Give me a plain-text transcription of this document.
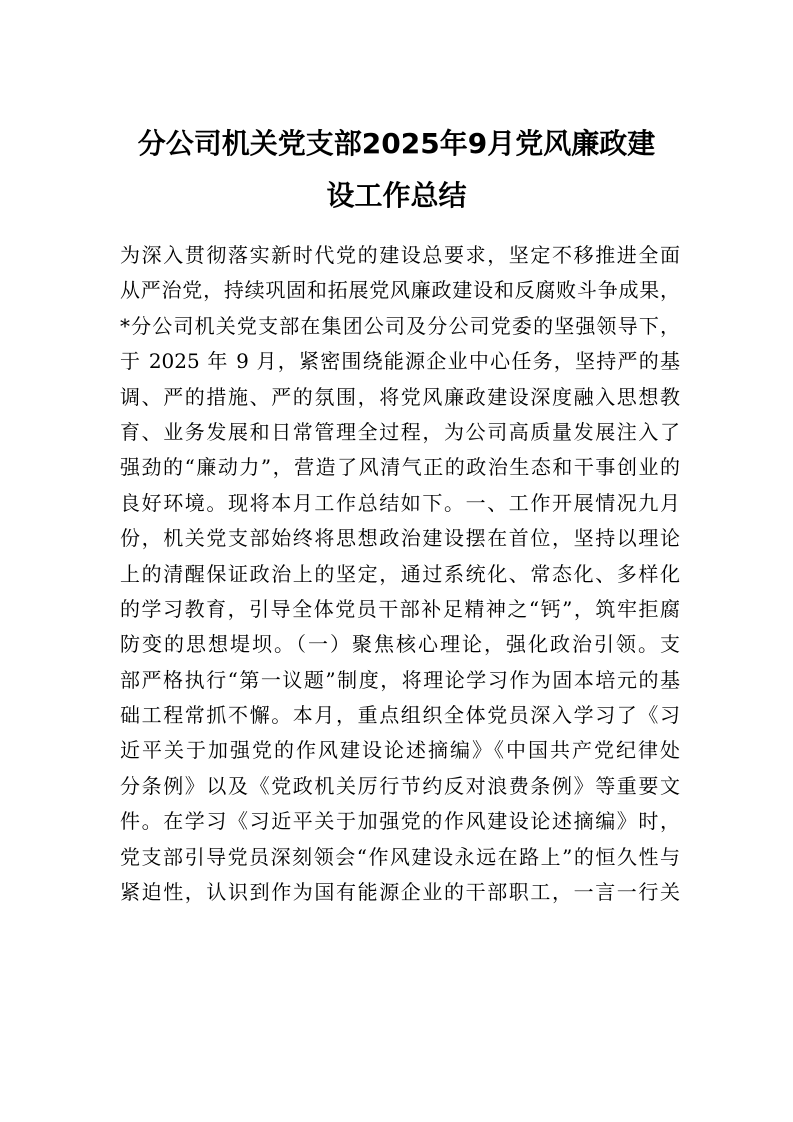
分公司机关党支部2025年9月党风廉政建
设工作总结
为深入贯彻落实新时代党的建设总要求，坚定不移推进全面
从严治党，持续巩固和拓展党风廉政建设和反腐败斗争成果，
*分公司机关党支部在集团公司及分公司党委的坚强领导下，
于 2025 年 9 月，紧密围绕能源企业中心任务，坚持严的基
调、严的措施、严的氛围，将党风廉政建设深度融入思想教
育、业务发展和日常管理全过程，为公司高质量发展注入了
强劲的“廉动力”，营造了风清气正的政治生态和干事创业的
良好环境。现将本月工作总结如下。一、工作开展情况九月
份，机关党支部始终将思想政治建设摆在首位，坚持以理论
上的清醒保证政治上的坚定，通过系统化、常态化、多样化
的学习教育，引导全体党员干部补足精神之“钙”，筑牢拒腐
防变的思想堤坝。（一）聚焦核心理论，强化政治引领。支
部严格执行“第一议题”制度，将理论学习作为固本培元的基
础工程常抓不懈。本月，重点组织全体党员深入学习了《习
近平关于加强党的作风建设论述摘编》《中国共产党纪律处
分条例》以及《党政机关厉行节约反对浪费条例》等重要文
件。在学习《习近平关于加强党的作风建设论述摘编》时，
党支部引导党员深刻领会“作风建设永远在路上”的恒久性与
紧迫性，认识到作为国有能源企业的干部职工，一言一行关
